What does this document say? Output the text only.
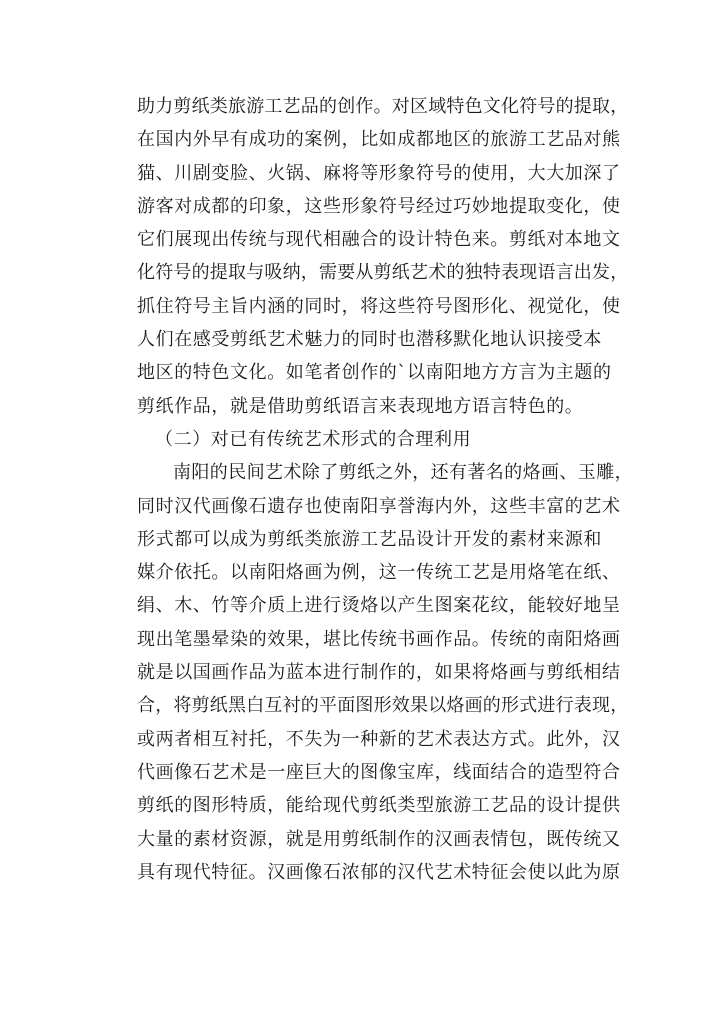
助力剪纸类旅游工艺品的创作。对区域特色文化符号的提取，
在国内外早有成功的案例，比如成都地区的旅游工艺品对熊
猫、川剧变脸、火锅、麻将等形象符号的使用，大大加深了
游客对成都的印象，这些形象符号经过巧妙地提取变化，使
它们展现出传统与现代相融合的设计特色来。剪纸对本地文
化符号的提取与吸纳，需要从剪纸艺术的独特表现语言出发，
抓住符号主旨内涵的同时，将这些符号图形化、视觉化，使
人们在感受剪纸艺术魅力的同时也潜移默化地认识接受本
地区的特色文化。如笔者创作的`以南阳地方方言为主题的
剪纸作品，就是借助剪纸语言来表现地方语言特色的。
（二）对已有传统艺术形式的合理利用
南阳的民间艺术除了剪纸之外，还有著名的烙画、玉雕，
同时汉代画像石遗存也使南阳享誉海内外，这些丰富的艺术
形式都可以成为剪纸类旅游工艺品设计开发的素材来源和
媒介依托。以南阳烙画为例，这一传统工艺是用烙笔在纸、
绢、木、竹等介质上进行烫烙以产生图案花纹，能较好地呈
现出笔墨晕染的效果，堪比传统书画作品。传统的南阳烙画
就是以国画作品为蓝本进行制作的，如果将烙画与剪纸相结
合，将剪纸黑白互衬的平面图形效果以烙画的形式进行表现，
或两者相互衬托，不失为一种新的艺术表达方式。此外，汉
代画像石艺术是一座巨大的图像宝库，线面结合的造型符合
剪纸的图形特质，能给现代剪纸类型旅游工艺品的设计提供
大量的素材资源，就是用剪纸制作的汉画表情包，既传统又
具有现代特征。汉画像石浓郁的汉代艺术特征会使以此为原
